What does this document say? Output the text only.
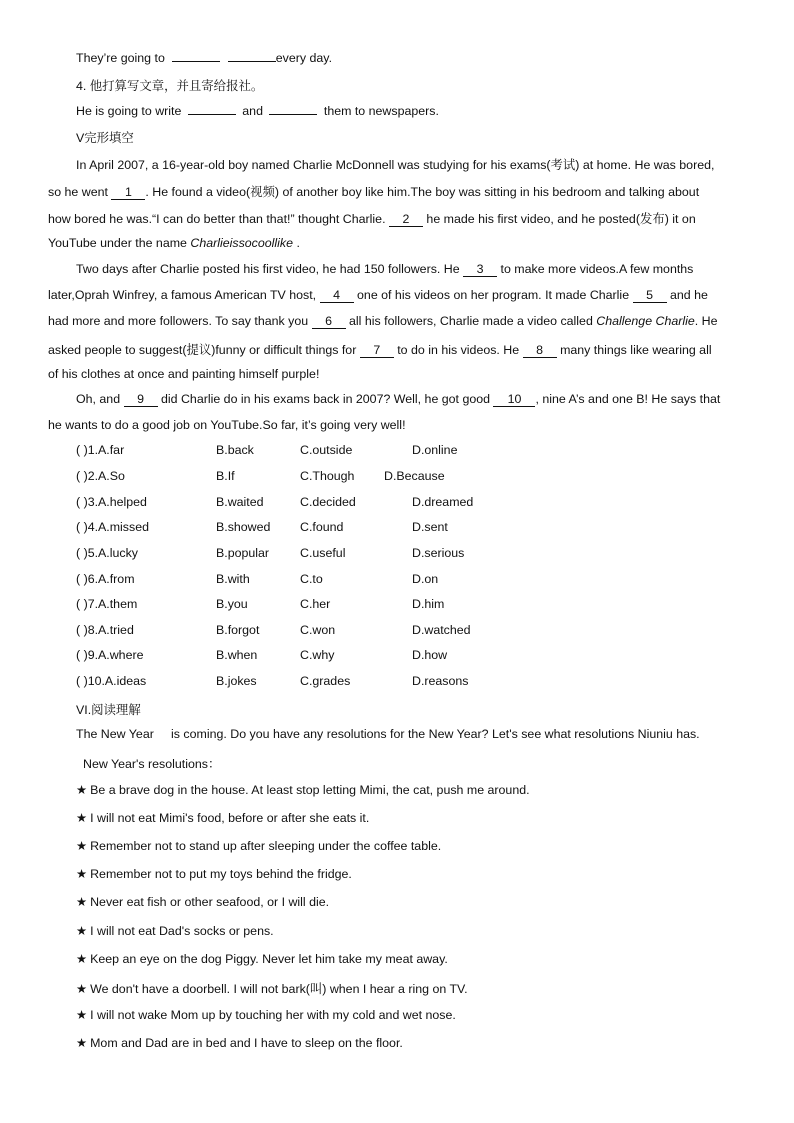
They’re going to	every day.
4. 他打算写文章，并且寄给报社。
He is going to write	and	them to newspapers.
V完形填空
In April 2007, a 16-year-old boy named Charlie McDonnell was studying for his exams(考试) at home. He was bored,
so he went 1 . He found a video(视频) of another boy like him.The boy was sitting in his bedroom and talking about
how bored he was.“I can do better than that!” thought Charlie. 2 he made his first video, and he posted(发布) it on
YouTube under the name Charlieissocoollike .
Two days after Charlie posted his first video, he had 150 followers. He 3 to make more videos.A few months
later,Oprah Winfrey, a famous American TV host, 4 one of his videos on her program. It made Charlie 5 and he
had more and more followers. To say thank you 6 all his followers, Charlie made a video called Challenge Charlie. He
asked people to suggest(提议)funny or difficult things for 7 to do in his videos. He 8 many things like wearing all
of his clothes at once and painting himself purple!
Oh, and 9 did Charlie do in his exams back in 2007? Well, he got good 10 , nine A’s and one B! He says that
he wants to do a good job on YouTube.So far, it’s going very well!
( )1.A.far	B.back	C.outside	D.online
( )2.A.So	B.If	C.Though D.Because
( )3.A.helped	B.waited	C.decided	D.dreamed
( )4.A.missed	B.showed C.found	D.sent
( )5.A.lucky	B.popular C.useful	D.serious
( )6.A.from	B.with	C.to	D.on
( )7.A.them	B.you	C.her	D.him
( )8.A.tried	B.forgot	C.won	D.watched
( )9.A.where	B.when	C.why	D.how
( )10.A.ideas	B.jokes	C.grades	D.reasons
VI.阅读理解
The New Year     is coming. Do you have any resolutions for the New Year? Let's see what resolutions Niuniu has.
New Year's resolutions：
★ Be a brave dog in the house. At least stop letting Mimi, the cat, push me around.
★ I will not eat Mimi's food, before or after she eats it.
★ Remember not to stand up after sleeping under the coffee table.
★ Remember not to put my toys behind the fridge.
★ Never eat fish or other seafood, or I will die.
★ I will not eat Dad's socks or pens.
★ Keep an eye on the dog Piggy. Never let him take my meat away.
★ We don't have a doorbell. I will not bark(叫) when I hear a ring on TV.
★ I will not wake Mom up by touching her with my cold and wet nose.
★ Mom and Dad are in bed and I have to sleep on the floor.
